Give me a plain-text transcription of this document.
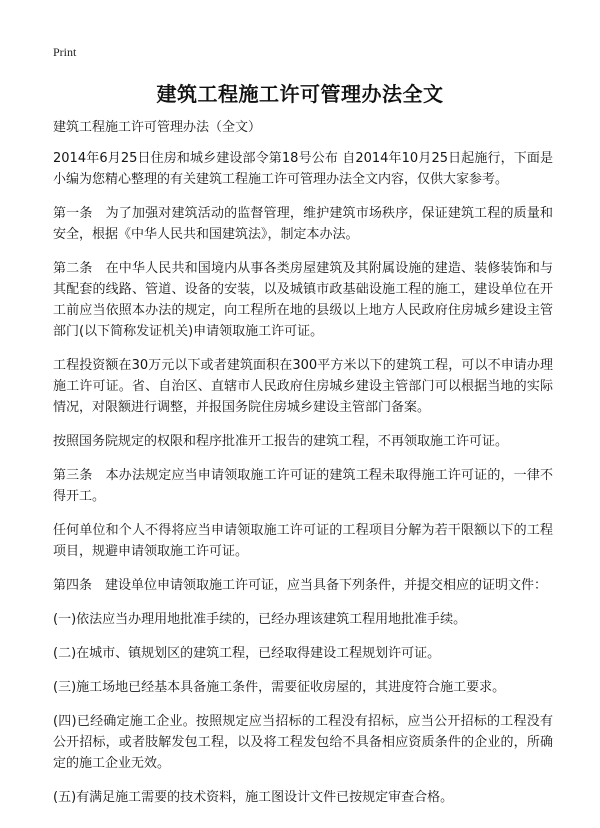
Print
建筑工程施工许可管理办法全文

建筑工程施工许可管理办法（全文）

2014年6月25日住房和城乡建设部令第18号公布 自2014年10月25日起施行，下面是小编为您精心整理的有关建筑工程施工许可管理办法全文内容，仅供大家参考。

第一条　为了加强对建筑活动的监督管理，维护建筑市场秩序，保证建筑工程的质量和安全，根据《中华人民共和国建筑法》，制定本办法。

第二条　在中华人民共和国境内从事各类房屋建筑及其附属设施的建造、装修装饰和与其配套的线路、管道、设备的安装，以及城镇市政基础设施工程的施工，建设单位在开工前应当依照本办法的规定，向工程所在地的县级以上地方人民政府住房城乡建设主管部门(以下简称发证机关)申请领取施工许可证。

工程投资额在30万元以下或者建筑面积在300平方米以下的建筑工程，可以不申请办理施工许可证。省、自治区、直辖市人民政府住房城乡建设主管部门可以根据当地的实际情况，对限额进行调整，并报国务院住房城乡建设主管部门备案。

按照国务院规定的权限和程序批准开工报告的建筑工程，不再领取施工许可证。

第三条　本办法规定应当申请领取施工许可证的建筑工程未取得施工许可证的，一律不得开工。

任何单位和个人不得将应当申请领取施工许可证的工程项目分解为若干限额以下的工程项目，规避申请领取施工许可证。

第四条　建设单位申请领取施工许可证，应当具备下列条件，并提交相应的证明文件：

(一)依法应当办理用地批准手续的，已经办理该建筑工程用地批准手续。

(二)在城市、镇规划区的建筑工程，已经取得建设工程规划许可证。

(三)施工场地已经基本具备施工条件，需要征收房屋的，其进度符合施工要求。

(四)已经确定施工企业。按照规定应当招标的工程没有招标，应当公开招标的工程没有公开招标，或者肢解发包工程，以及将工程发包给不具备相应资质条件的企业的，所确定的施工企业无效。

(五)有满足施工需要的技术资料，施工图设计文件已按规定审查合格。
